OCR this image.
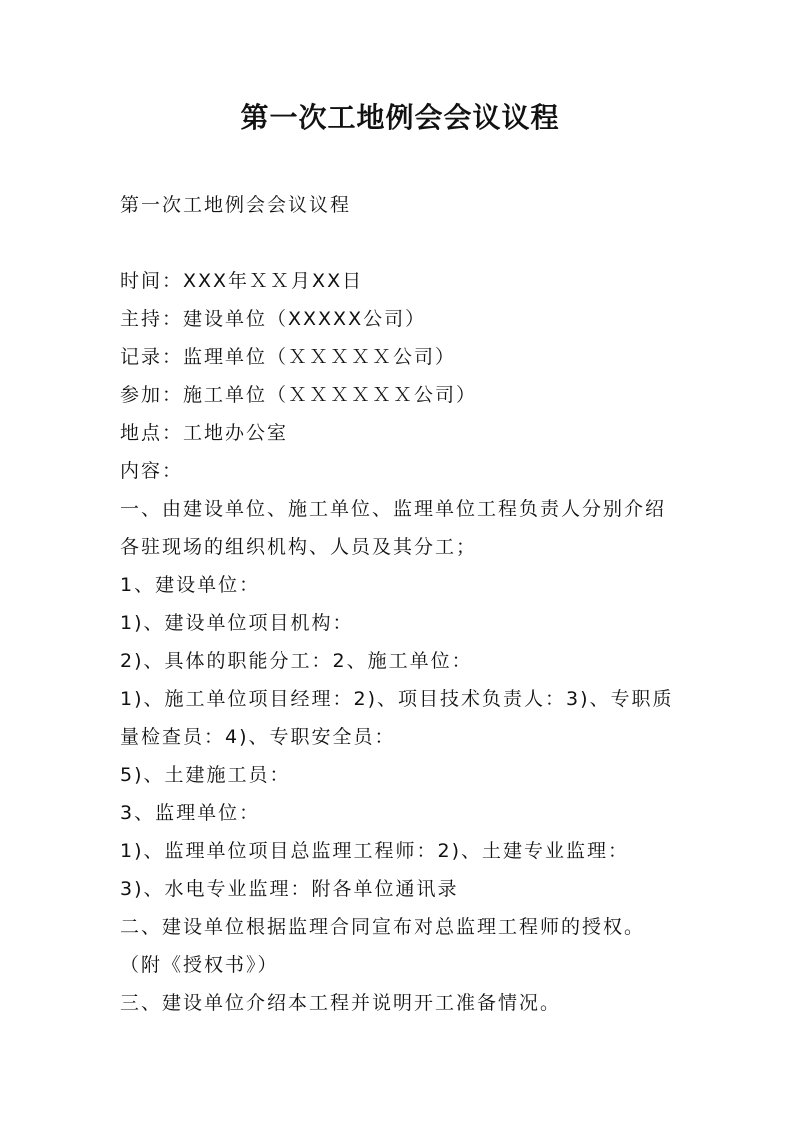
第一次工地例会会议议程
第一次工地例会会议议程
时间：XXX年ＸＸ月XX日
主持：建设单位（XXXXX公司）
记录：监理单位（ＸＸＸＸＸ公司）
参加：施工单位（ＸＸＸＸＸＸ公司）
地点：工地办公室
内容：
一、由建设单位、施工单位、监理单位工程负责人分别介绍
各驻现场的组织机构、人员及其分工；
1、建设单位：
1)、建设单位项目机构：
2)、具体的职能分工：2、施工单位：
1)、施工单位项目经理：2)、项目技术负责人：3)、专职质
量检查员：4)、专职安全员：
5)、土建施工员：
3、监理单位：
1)、监理单位项目总监理工程师：2)、土建专业监理：
3)、水电专业监理：附各单位通讯录
二、建设单位根据监理合同宣布对总监理工程师的授权。
（附《授权书》）
三、建设单位介绍本工程并说明开工准备情况。
